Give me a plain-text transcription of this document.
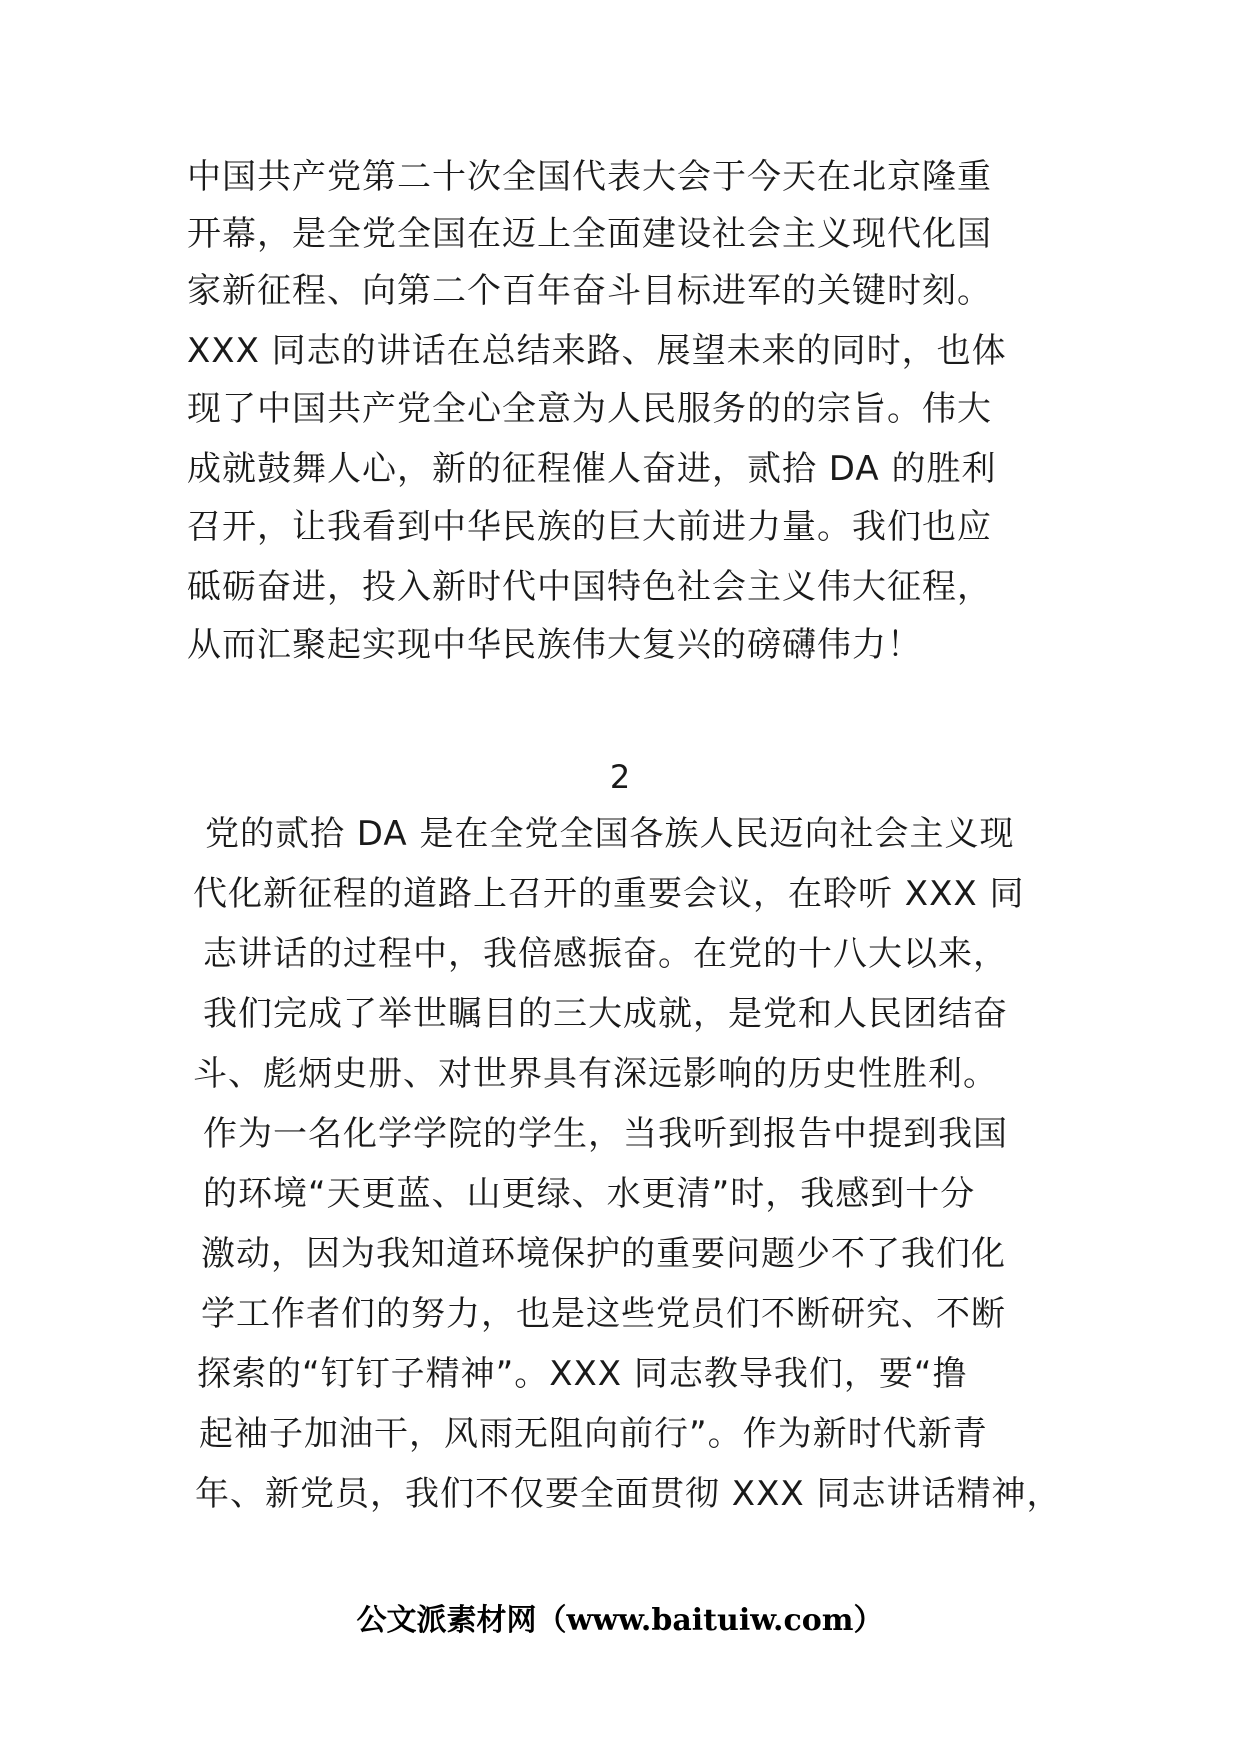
中国共产党第二十次全国代表大会于今天在北京隆重
开幕，是全党全国在迈上全面建设社会主义现代化国
家新征程、向第二个百年奋斗目标进军的关键时刻。
XXX 同志的讲话在总结来路、展望未来的同时，也体
现了中国共产党全心全意为人民服务的的宗旨。伟大
成就鼓舞人心，新的征程催人奋进，贰拾 DA 的胜利
召开，让我看到中华民族的巨大前进力量。我们也应
砥砺奋进，投入新时代中国特色社会主义伟大征程，
从而汇聚起实现中华民族伟大复兴的磅礴伟力！
2
党的贰拾 DA 是在全党全国各族人民迈向社会主义现
代化新征程的道路上召开的重要会议，在聆听 XXX 同
志讲话的过程中，我倍感振奋。在党的十八大以来，
我们完成了举世瞩目的三大成就，是党和人民团结奋
斗、彪炳史册、对世界具有深远影响的历史性胜利。
作为一名化学学院的学生，当我听到报告中提到我国
的环境“天更蓝、山更绿、水更清”时，我感到十分
激动，因为我知道环境保护的重要问题少不了我们化
学工作者们的努力，也是这些党员们不断研究、不断
探索的“钉钉子精神”。XXX 同志教导我们，要“撸
起袖子加油干，风雨无阻向前行”。作为新时代新青
年、新党员，我们不仅要全面贯彻 XXX 同志讲话精神，
公文派素材网（www.baituiw.com）
